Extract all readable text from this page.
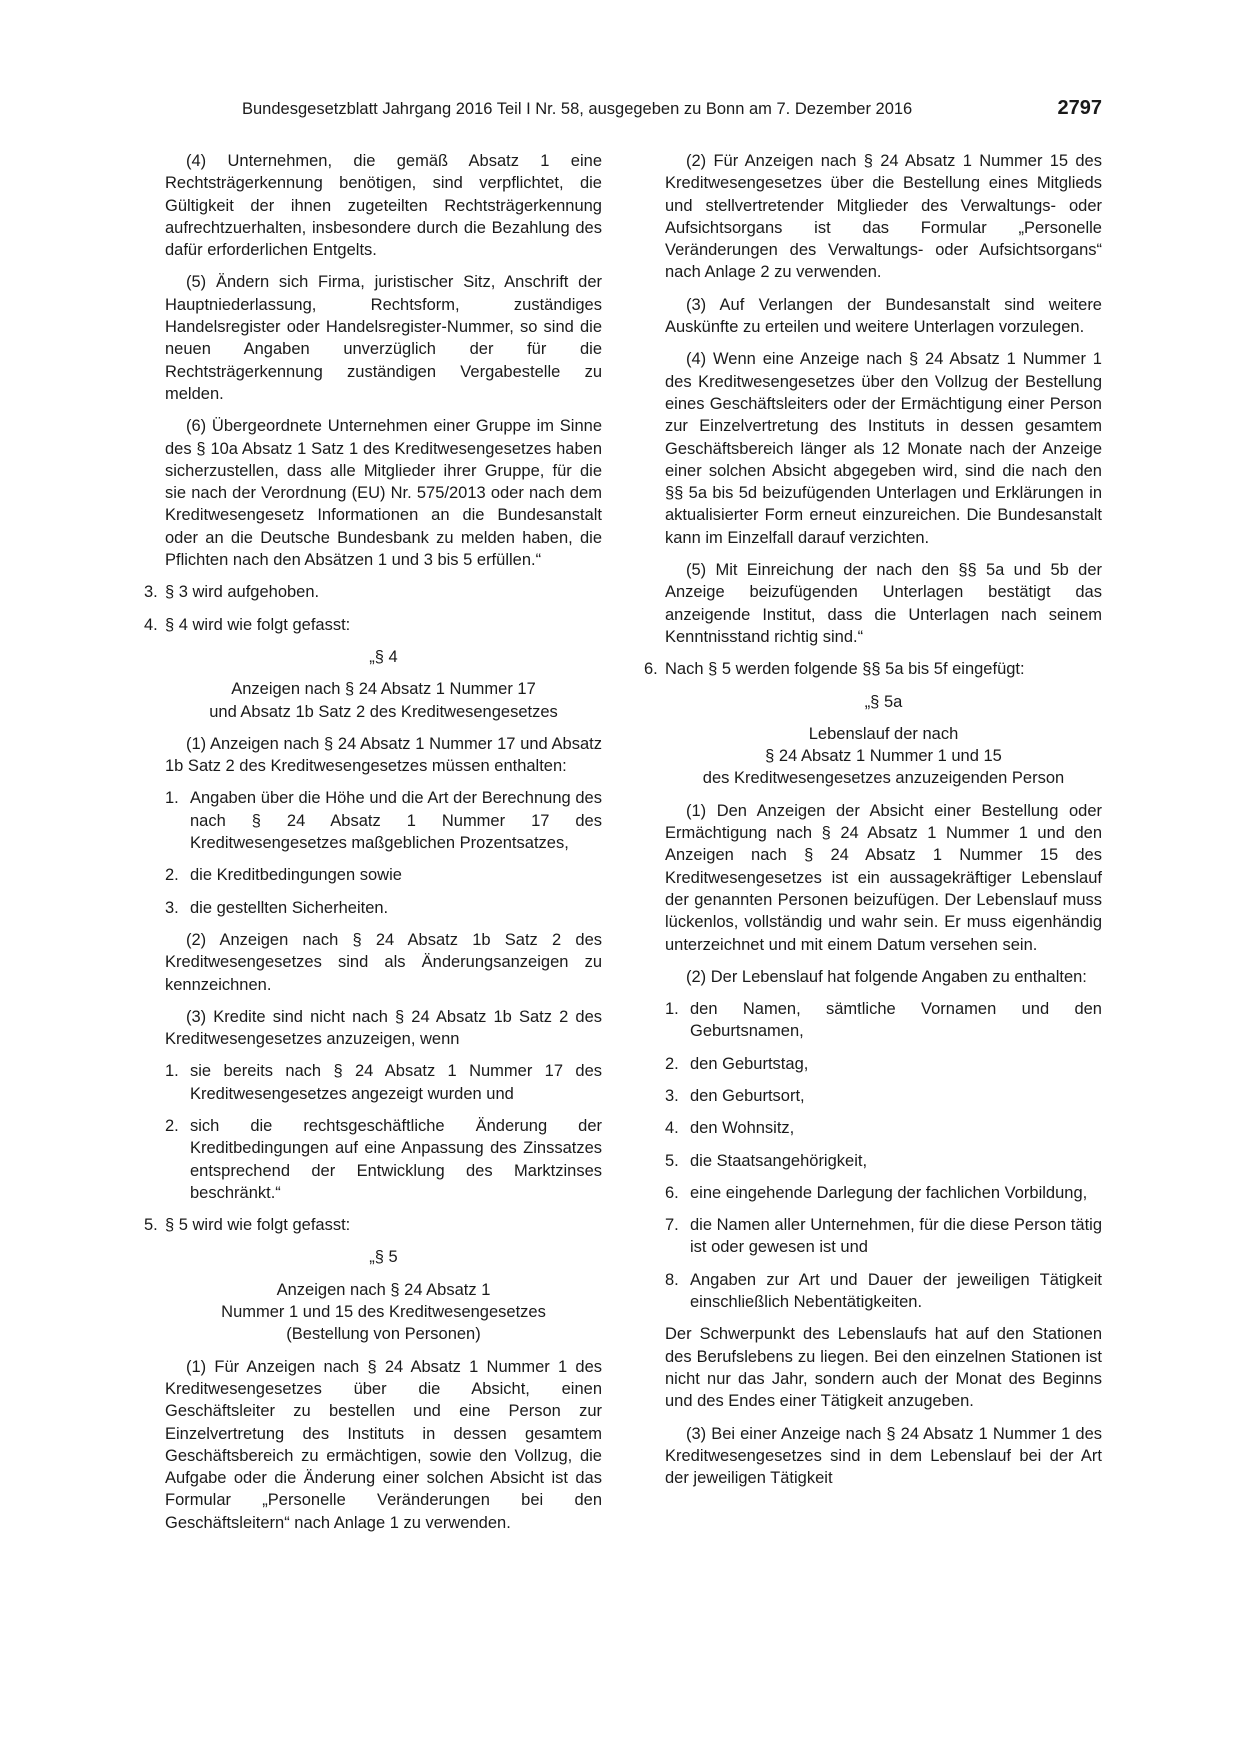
Bundesgesetzblatt Jahrgang 2016 Teil I Nr. 58, ausgegeben zu Bonn am 7. Dezember 2016	2797

(4) Unternehmen, die gemäß Absatz 1 eine Rechtsträgerkennung benötigen, sind verpflichtet, die Gültigkeit der ihnen zugeteilten Rechtsträgerkennung aufrechtzuerhalten, insbesondere durch die Bezahlung des dafür erforderlichen Entgelts.

(5) Ändern sich Firma, juristischer Sitz, Anschrift der Hauptniederlassung, Rechtsform, zuständiges Handelsregister oder Handelsregister-Nummer, so sind die neuen Angaben unverzüglich der für die Rechtsträgerkennung zuständigen Vergabestelle zu melden.

(6) Übergeordnete Unternehmen einer Gruppe im Sinne des § 10a Absatz 1 Satz 1 des Kreditwesengesetzes haben sicherzustellen, dass alle Mitglieder ihrer Gruppe, für die sie nach der Verordnung (EU) Nr. 575/2013 oder nach dem Kreditwesengesetz Informationen an die Bundesanstalt oder an die Deutsche Bundesbank zu melden haben, die Pflichten nach den Absätzen 1 und 3 bis 5 erfüllen.“

3. § 3 wird aufgehoben.
4. § 4 wird wie folgt gefasst:
„§ 4
Anzeigen nach § 24 Absatz 1 Nummer 17
und Absatz 1b Satz 2 des Kreditwesengesetzes

(1) Anzeigen nach § 24 Absatz 1 Nummer 17 und Absatz 1b Satz 2 des Kreditwesengesetzes müssen enthalten:

1. Angaben über die Höhe und die Art der Berechnung des nach § 24 Absatz 1 Nummer 17 des Kreditwesengesetzes maßgeblichen Prozentsatzes,
2. die Kreditbedingungen sowie
3. die gestellten Sicherheiten.

(2) Anzeigen nach § 24 Absatz 1b Satz 2 des Kreditwesengesetzes sind als Änderungsanzeigen zu kennzeichnen.

(3) Kredite sind nicht nach § 24 Absatz 1b Satz 2 des Kreditwesengesetzes anzuzeigen, wenn

1. sie bereits nach § 24 Absatz 1 Nummer 17 des Kreditwesengesetzes angezeigt wurden und
2. sich die rechtsgeschäftliche Änderung der Kreditbedingungen auf eine Anpassung des Zinssatzes entsprechend der Entwicklung des Marktzinses beschränkt.“
5. § 5 wird wie folgt gefasst:
„§ 5
Anzeigen nach § 24 Absatz 1
Nummer 1 und 15 des Kreditwesengesetzes
(Bestellung von Personen)

(1) Für Anzeigen nach § 24 Absatz 1 Nummer 1 des Kreditwesengesetzes über die Absicht, einen Geschäftsleiter zu bestellen und eine Person zur Einzelvertretung des Instituts in dessen gesamtem Geschäftsbereich zu ermächtigen, sowie den Vollzug, die Aufgabe oder die Änderung einer solchen Absicht ist das Formular „Personelle Veränderungen bei den Geschäftsleitern“ nach Anlage 1 zu verwenden.

(2) Für Anzeigen nach § 24 Absatz 1 Nummer 15 des Kreditwesengesetzes über die Bestellung eines Mitglieds und stellvertretender Mitglieder des Verwaltungs- oder Aufsichtsorgans ist das Formular „Personelle Veränderungen des Verwaltungs- oder Aufsichtsorgans“ nach Anlage 2 zu verwenden.

(3) Auf Verlangen der Bundesanstalt sind weitere Auskünfte zu erteilen und weitere Unterlagen vorzulegen.

(4) Wenn eine Anzeige nach § 24 Absatz 1 Nummer 1 des Kreditwesengesetzes über den Vollzug der Bestellung eines Geschäftsleiters oder der Ermächtigung einer Person zur Einzelvertretung des Instituts in dessen gesamtem Geschäftsbereich länger als 12 Monate nach der Anzeige einer solchen Absicht abgegeben wird, sind die nach den §§ 5a bis 5d beizufügenden Unterlagen und Erklärungen in aktualisierter Form erneut einzureichen. Die Bundesanstalt kann im Einzelfall darauf verzichten.

(5) Mit Einreichung der nach den §§ 5a und 5b der Anzeige beizufügenden Unterlagen bestätigt das anzeigende Institut, dass die Unterlagen nach seinem Kenntnisstand richtig sind.“

6. Nach § 5 werden folgende §§ 5a bis 5f eingefügt:
„§ 5a
Lebenslauf der nach
§ 24 Absatz 1 Nummer 1 und 15
des Kreditwesengesetzes anzuzeigenden Person

(1) Den Anzeigen der Absicht einer Bestellung oder Ermächtigung nach § 24 Absatz 1 Nummer 1 und den Anzeigen nach § 24 Absatz 1 Nummer 15 des Kreditwesengesetzes ist ein aussagekräftiger Lebenslauf der genannten Personen beizufügen. Der Lebenslauf muss lückenlos, vollständig und wahr sein. Er muss eigenhändig unterzeichnet und mit einem Datum versehen sein.

(2) Der Lebenslauf hat folgende Angaben zu enthalten:

1. den Namen, sämtliche Vornamen und den Geburtsnamen,
2. den Geburtstag,
3. den Geburtsort,
4. den Wohnsitz,
5. die Staatsangehörigkeit,
6. eine eingehende Darlegung der fachlichen Vorbildung,
7. die Namen aller Unternehmen, für die diese Person tätig ist oder gewesen ist und
8. Angaben zur Art und Dauer der jeweiligen Tätigkeit einschließlich Nebentätigkeiten.

Der Schwerpunkt des Lebenslaufs hat auf den Stationen des Berufslebens zu liegen. Bei den einzelnen Stationen ist nicht nur das Jahr, sondern auch der Monat des Beginns und des Endes einer Tätigkeit anzugeben.

(3) Bei einer Anzeige nach § 24 Absatz 1 Nummer 1 des Kreditwesengesetzes sind in dem Lebenslauf bei der Art der jeweiligen Tätigkeit
